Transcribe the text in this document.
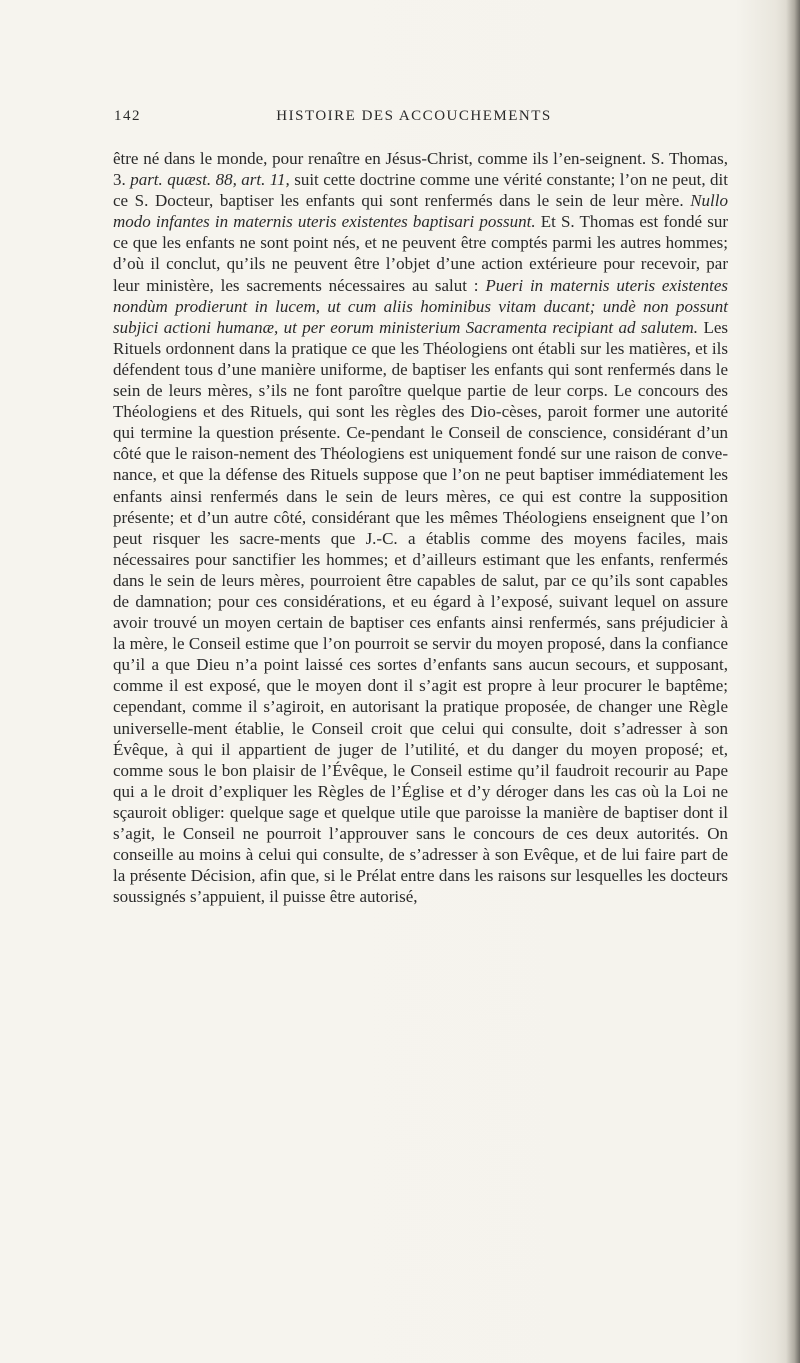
142	HISTOIRE DES ACCOUCHEMENTS

être né dans le monde, pour renaître en Jésus-Christ, comme ils l’en-seignent. S. Thomas, 3. part. quæst. 88, art. 11, suit cette doctrine comme une vérité constante; l’on ne peut, dit ce S. Docteur, baptiser les enfants qui sont renfermés dans le sein de leur mère. Nullo modo infantes in maternis uteris existentes baptisari possunt. Et S. Thomas est fondé sur ce que les enfants ne sont point nés, et ne peuvent être comptés parmi les autres hommes; d’où il conclut, qu’ils ne peuvent être l’objet d’une action extérieure pour recevoir, par leur ministère, les sacrements nécessaires au salut : Pueri in maternis uteris existentes nondùm prodierunt in lucem, ut cum aliis hominibus vitam ducant; undè non possunt subjici actioni humanæ, ut per eorum ministerium Sacramenta recipiant ad salutem. Les Rituels ordonnent dans la pratique ce que les Théologiens ont établi sur les matières, et ils défendent tous d’une manière uniforme, de baptiser les enfants qui sont renfermés dans le sein de leurs mères, s’ils ne font paroître quelque partie de leur corps. Le concours des Théologiens et des Rituels, qui sont les règles des Dio-cèses, paroit former une autorité qui termine la question présente. Ce-pendant le Conseil de conscience, considérant d’un côté que le raison-nement des Théologiens est uniquement fondé sur une raison de conve-nance, et que la défense des Rituels suppose que l’on ne peut baptiser immédiatement les enfants ainsi renfermés dans le sein de leurs mères, ce qui est contre la supposition présente; et d’un autre côté, considérant que les mêmes Théologiens enseignent que l’on peut risquer les sacre-ments que J.-C. a établis comme des moyens faciles, mais nécessaires pour sanctifier les hommes; et d’ailleurs estimant que les enfants, renfermés dans le sein de leurs mères, pourroient être capables de salut, par ce qu’ils sont capables de damnation; pour ces considérations, et eu égard à l’exposé, suivant lequel on assure avoir trouvé un moyen certain de baptiser ces enfants ainsi renfermés, sans préjudicier à la mère, le Conseil estime que l’on pourroit se servir du moyen proposé, dans la confiance qu’il a que Dieu n’a point laissé ces sortes d’enfants sans aucun secours, et supposant, comme il est exposé, que le moyen dont il s’agit est propre à leur procurer le baptême; cependant, comme il s’agiroit, en autorisant la pratique proposée, de changer une Règle universelle-ment établie, le Conseil croit que celui qui consulte, doit s’adresser à son Évêque, à qui il appartient de juger de l’utilité, et du danger du moyen proposé; et, comme sous le bon plaisir de l’Évêque, le Conseil estime qu’il faudroit recourir au Pape qui a le droit d’expliquer les Règles de l’Église et d’y déroger dans les cas où la Loi ne sçauroit obliger: quelque sage et quelque utile que paroisse la manière de baptiser dont il s’agit, le Conseil ne pourroit l’approuver sans le concours de ces deux autorités. On conseille au moins à celui qui consulte, de s’adresser à son Evêque, et de lui faire part de la présente Décision, afin que, si le Prélat entre dans les raisons sur lesquelles les docteurs soussignés s’appuient, il puisse être autorisé,
